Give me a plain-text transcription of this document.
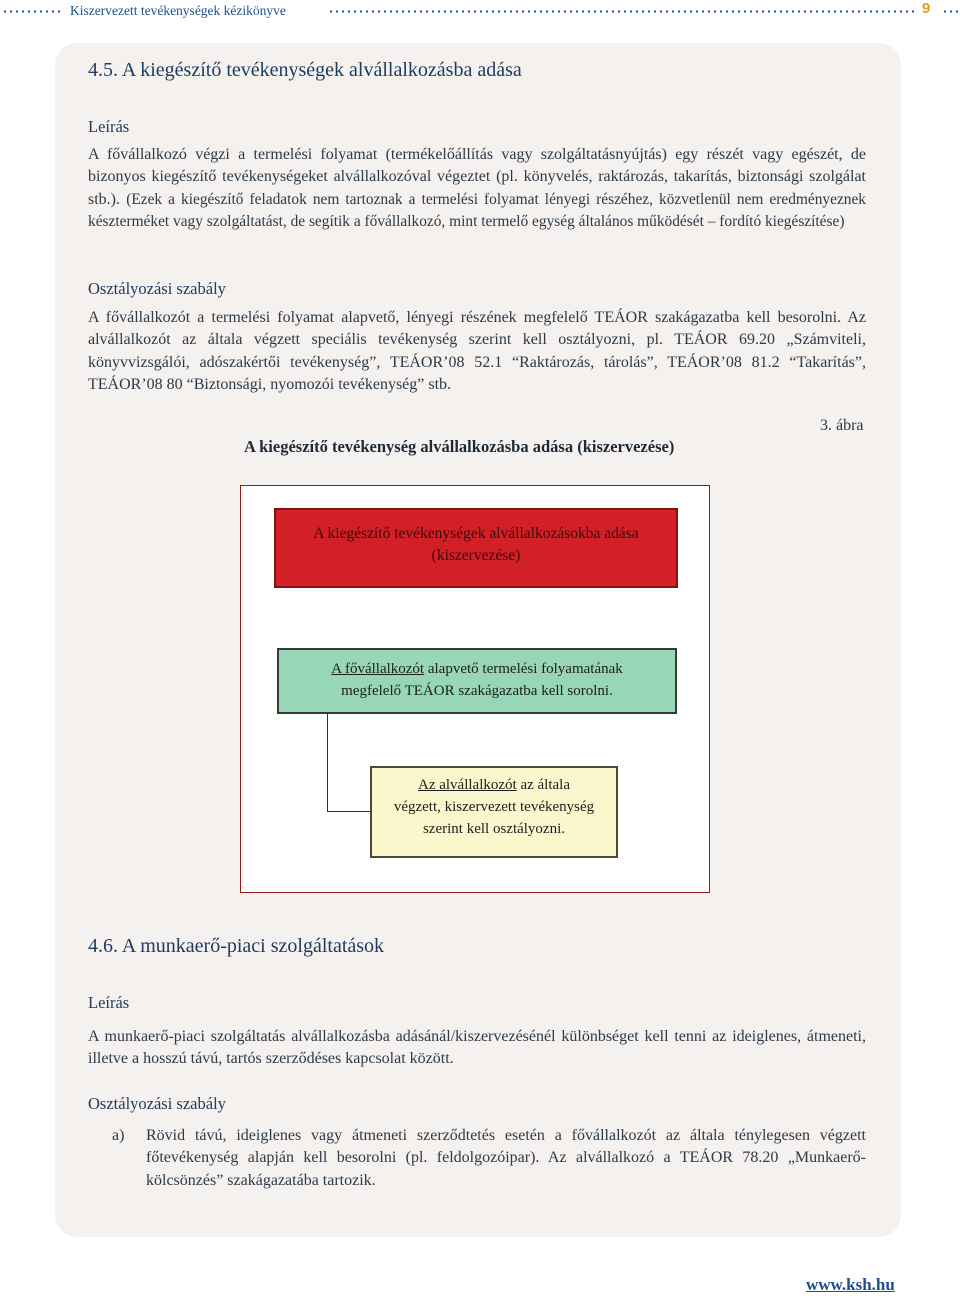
Kiszervezett tevékenységek kézikönyve	9
4.5. A kiegészítő tevékenységek alvállalkozásba adása
Leírás
A fővállalkozó végzi a termelési folyamat (termékelőállítás vagy szolgáltatásnyújtás) egy részét vagy egészét, de bizonyos kiegészítő tevékenységeket alvállalkozóval végeztet (pl. könyvelés, raktározás, takarítás, biztonsági szolgálat stb.). (Ezek a kiegészítő feladatok nem tartoznak a termelési folyamat lényegi részéhez, közvetlenül nem eredményeznek készterméket vagy szolgáltatást, de segítik a fővállalkozó, mint termelő egység általános működését – fordító kiegészítése)
Osztályozási szabály
A fővállalkozót a termelési folyamat alapvető, lényegi részének megfelelő TEÁOR szakágazatba kell besorolni. Az alvállalkozót az általa végzett speciális tevékenység szerint kell osztályozni, pl. TEÁOR 69.20 „Számviteli, könyvvizsgálói, adószakértői tevékenység”, TEÁOR’08 52.1 “Raktározás, tárolás”, TEÁOR’08 81.2 “Takarítás”, TEÁOR’08 80 “Biztonsági, nyomozói tevékenység” stb.
3. ábra
A kiegészítő tevékenység alvállalkozásba adása (kiszervezése)
A kiegészítő tevékenységek alvállalkozásokba adása
(kiszervezése)
A fővállalkozót alapvető termelési folyamatának
megfelelő TEÁOR szakágazatba kell sorolni.
Az alvállalkozót az általa
végzett, kiszervezett tevékenység
szerint kell osztályozni.
4.6. A munkaerő-piaci szolgáltatások
Leírás
A munkaerő-piaci szolgáltatás alvállalkozásba adásánál/kiszervezésénél különbséget kell tenni az ideiglenes, átmeneti, illetve a hosszú távú, tartós szerződéses kapcsolat között.
Osztályozási szabály
a) Rövid távú, ideiglenes vagy átmeneti szerződtetés esetén a fővállalkozót az általa ténylegesen végzett főtevékenység alapján kell besorolni (pl. feldolgozóipar). Az alvállalkozó a TEÁOR 78.20 „Munkaerő-kölcsönzés” szakágazatába tartozik.
www.ksh.hu
